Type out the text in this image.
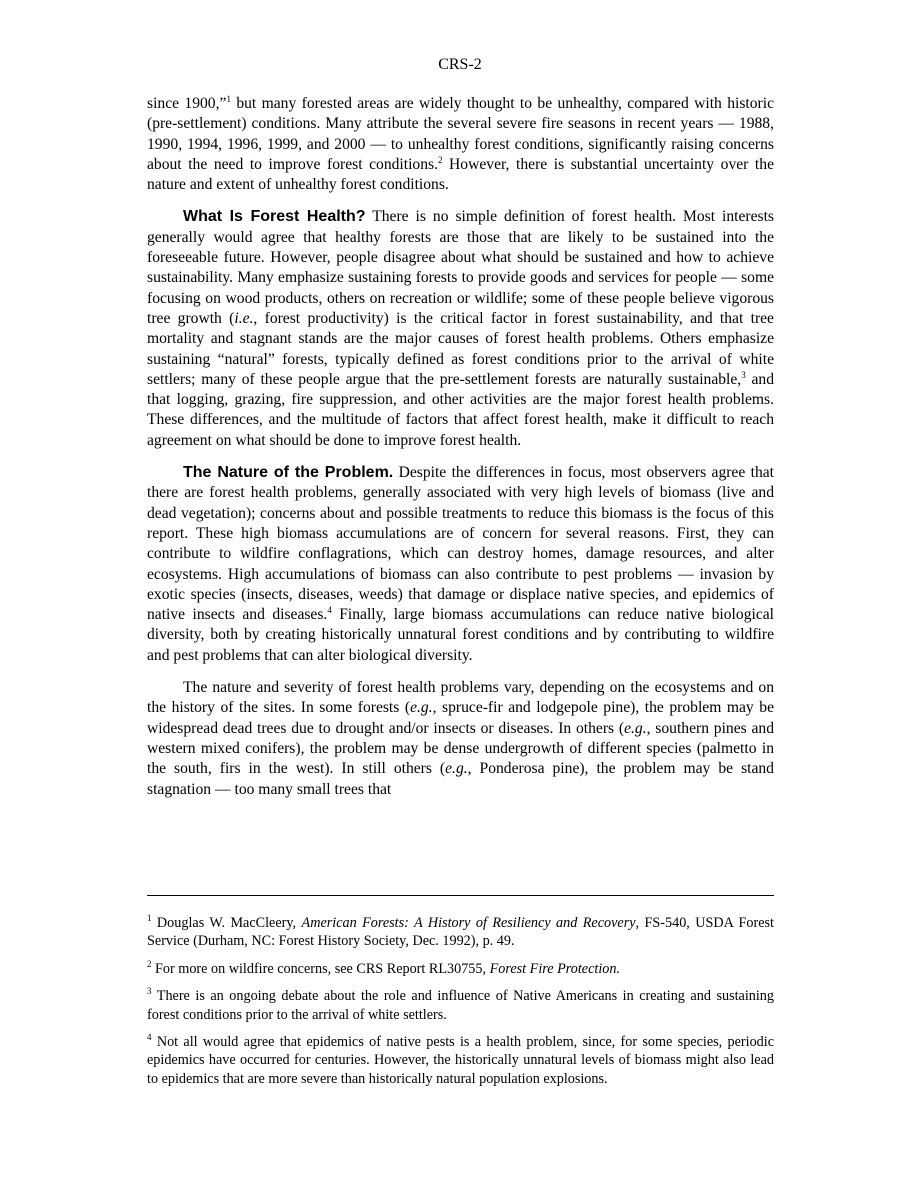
CRS-2

since 1900,”$^1$ but many forested areas are widely thought to be unhealthy, compared with historic (pre-settlement) conditions. Many attribute the several severe fire seasons in recent years — 1988, 1990, 1994, 1996, 1999, and 2000 — to unhealthy forest conditions, significantly raising concerns about the need to improve forest conditions.$^2$ However, there is substantial uncertainty over the nature and extent of unhealthy forest conditions.

What Is Forest Health? There is no simple definition of forest health. Most interests generally would agree that healthy forests are those that are likely to be sustained into the foreseeable future. However, people disagree about what should be sustained and how to achieve sustainability. Many emphasize sustaining forests to provide goods and services for people — some focusing on wood products, others on recreation or wildlife; some of these people believe vigorous tree growth (i.e., forest productivity) is the critical factor in forest sustainability, and that tree mortality and stagnant stands are the major causes of forest health problems. Others emphasize sustaining “natural” forests, typically defined as forest conditions prior to the arrival of white settlers; many of these people argue that the pre-settlement forests are naturally sustainable,$^3$ and that logging, grazing, fire suppression, and other activities are the major forest health problems. These differences, and the multitude of factors that affect forest health, make it difficult to reach agreement on what should be done to improve forest health.

The Nature of the Problem. Despite the differences in focus, most observers agree that there are forest health problems, generally associated with very high levels of biomass (live and dead vegetation); concerns about and possible treatments to reduce this biomass is the focus of this report. These high biomass accumulations are of concern for several reasons. First, they can contribute to wildfire conflagrations, which can destroy homes, damage resources, and alter ecosystems. High accumulations of biomass can also contribute to pest problems — invasion by exotic species (insects, diseases, weeds) that damage or displace native species, and epidemics of native insects and diseases.$^4$ Finally, large biomass accumulations can reduce native biological diversity, both by creating historically unnatural forest conditions and by contributing to wildfire and pest problems that can alter biological diversity.

The nature and severity of forest health problems vary, depending on the ecosystems and on the history of the sites. In some forests (e.g., spruce-fir and lodgepole pine), the problem may be widespread dead trees due to drought and/or insects or diseases. In others (e.g., southern pines and western mixed conifers), the problem may be dense undergrowth of different species (palmetto in the south, firs in the west). In still others (e.g., Ponderosa pine), the problem may be stand stagnation — too many small trees that

$^1$ Douglas W. MacCleery, American Forests: A History of Resiliency and Recovery, FS-540, USDA Forest Service (Durham, NC: Forest History Society, Dec. 1992), p. 49.

$^2$ For more on wildfire concerns, see CRS Report RL30755, Forest Fire Protection.

$^3$ There is an ongoing debate about the role and influence of Native Americans in creating and sustaining forest conditions prior to the arrival of white settlers.

$^4$ Not all would agree that epidemics of native pests is a health problem, since, for some species, periodic epidemics have occurred for centuries. However, the historically unnatural levels of biomass might also lead to epidemics that are more severe than historically natural population explosions.
